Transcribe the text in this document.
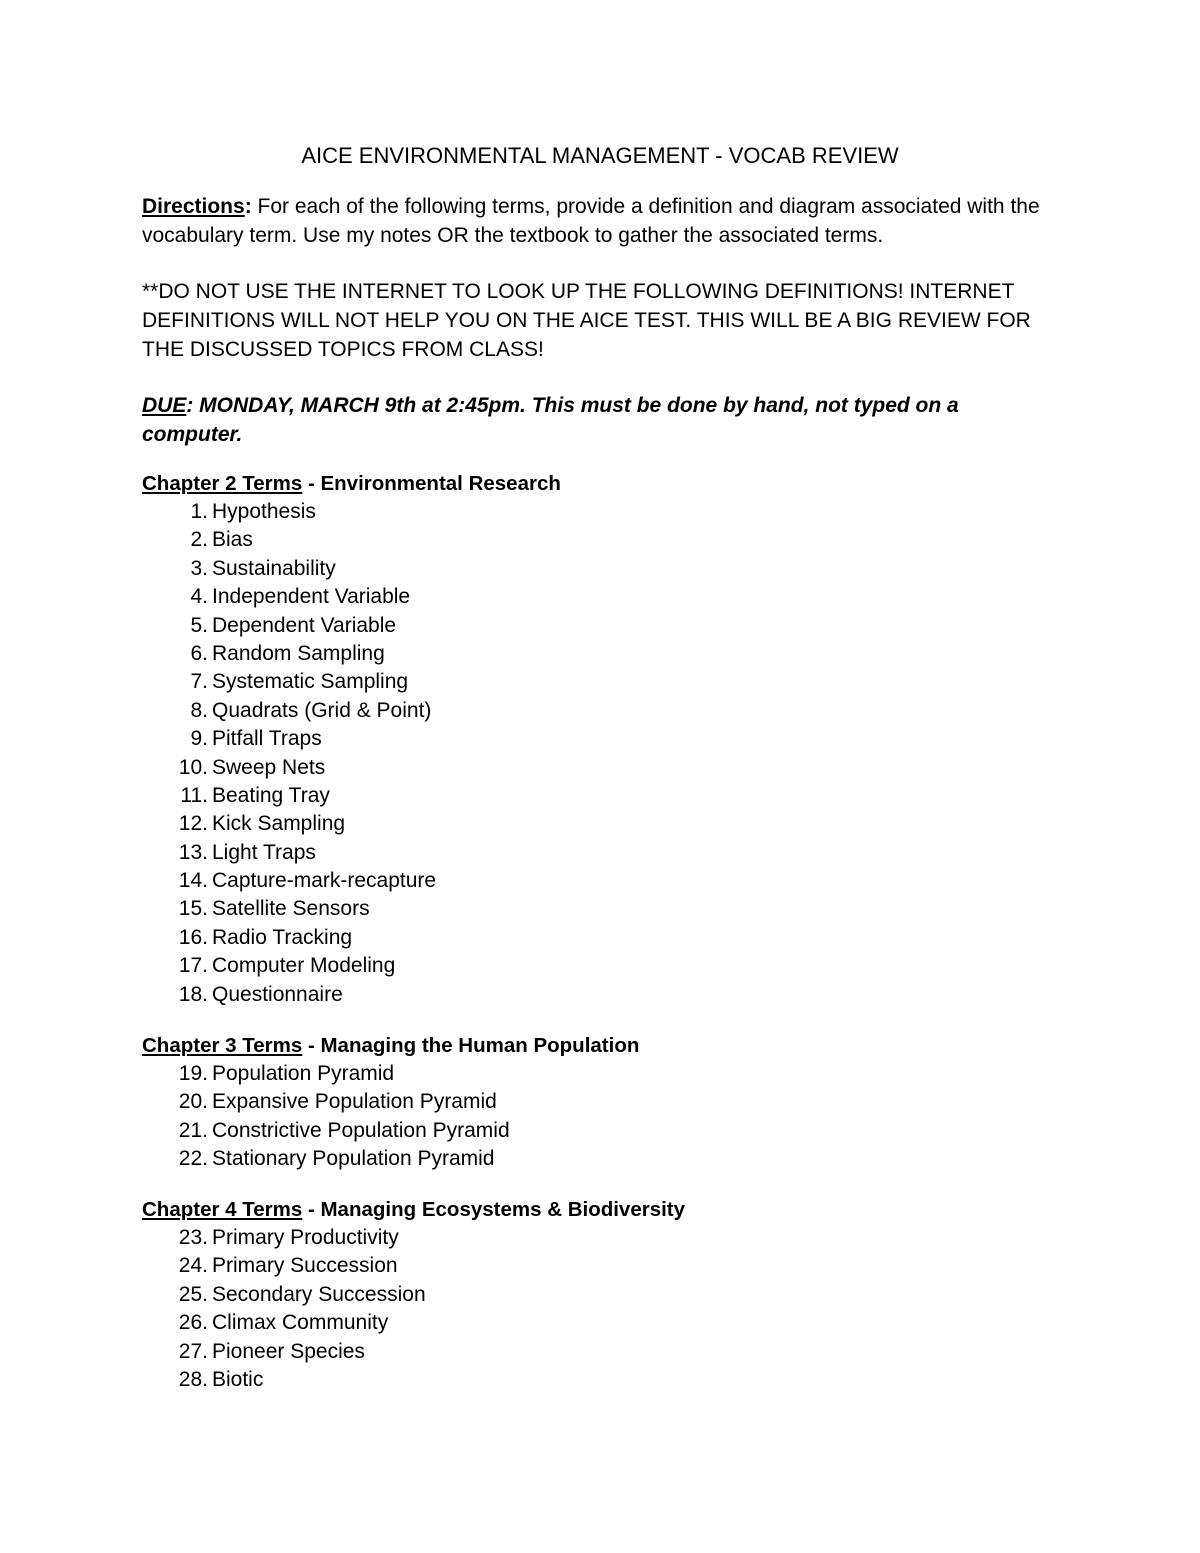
AICE ENVIRONMENTAL MANAGEMENT - VOCAB REVIEW
Directions: For each of the following terms, provide a definition and diagram associated with the vocabulary term. Use my notes OR the textbook to gather the associated terms.
**DO NOT USE THE INTERNET TO LOOK UP THE FOLLOWING DEFINITIONS! INTERNET DEFINITIONS WILL NOT HELP YOU ON THE AICE TEST. THIS WILL BE A BIG REVIEW FOR THE DISCUSSED TOPICS FROM CLASS!
DUE: MONDAY, MARCH 9th at 2:45pm. This must be done by hand, not typed on a computer.
Chapter 2 Terms - Environmental Research
1. Hypothesis
2. Bias
3. Sustainability
4. Independent Variable
5. Dependent Variable
6. Random Sampling
7. Systematic Sampling
8. Quadrats (Grid & Point)
9. Pitfall Traps
10. Sweep Nets
11. Beating Tray
12. Kick Sampling
13. Light Traps
14. Capture-mark-recapture
15. Satellite Sensors
16. Radio Tracking
17. Computer Modeling
18. Questionnaire
Chapter 3 Terms - Managing the Human Population
19. Population Pyramid
20. Expansive Population Pyramid
21. Constrictive Population Pyramid
22. Stationary Population Pyramid
Chapter 4 Terms - Managing Ecosystems & Biodiversity
23. Primary Productivity
24. Primary Succession
25. Secondary Succession
26. Climax Community
27. Pioneer Species
28. Biotic
